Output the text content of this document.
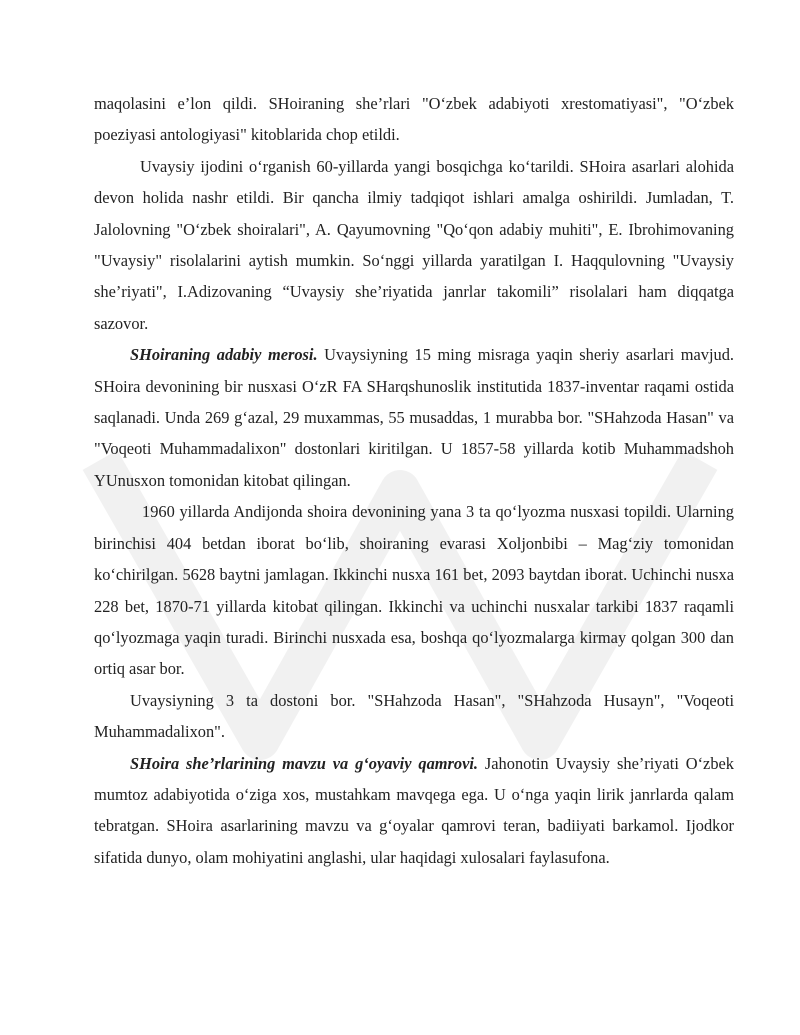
maqolasini e’lon qildi. SHoiraning she’rlari "O‘zbek adabiyoti xrestomatiyasi", "O‘zbek poeziyasi antologiyasi" kitoblarida chop etildi.

Uvaysiy ijodini o‘rganish 60-yillarda yangi bosqichga ko‘tarildi. SHoira asarlari alohida devon holida nashr etildi. Bir qancha ilmiy tadqiqot ishlari amalga oshirildi. Jumladan, T. Jalolovning "O‘zbek shoiralari", A. Qayumovning "Qo‘qon adabiy muhiti", E. Ibrohimovaning "Uvaysiy" risolalarini aytish mumkin. So‘nggi yillarda yaratilgan I. Haqqulovning "Uvaysiy she’riyati", I.Adizovaning “Uvaysiy she’riyatida janrlar takomili” risolalari ham diqqatga sazovor.

SHoiraning adabiy merosi. Uvaysiyning 15 ming misraga yaqin sheriy asarlari mavjud. SHoira devonining bir nusxasi O‘zR FA SHarqshunoslik institutida 1837-inventar raqami ostida saqlanadi. Unda 269 g‘azal, 29 muxammas, 55 musaddas, 1 murabba bor. "SHahzoda Hasan" va "Voqeoti Muhammadalixon" dostonlari kiritilgan. U 1857-58 yillarda kotib Muhammadshoh YUnusxon tomonidan kitobat qilingan.

1960 yillarda Andijonda shoira devonining yana 3 ta qo‘lyozma nusxasi topildi. Ularning birinchisi 404 betdan iborat bo‘lib, shoiraning evarasi Xoljonbibi – Mag‘ziy tomonidan ko‘chirilgan. 5628 baytni jamlagan. Ikkinchi nusxa 161 bet, 2093 baytdan iborat. Uchinchi nusxa 228 bet, 1870-71 yillarda kitobat qilingan. Ikkinchi va uchinchi nusxalar tarkibi 1837 raqamli qo‘lyozmaga yaqin turadi. Birinchi nusxada esa, boshqa qo‘lyozmalarga kirmay qolgan 300 dan ortiq asar bor.

Uvaysiyning 3 ta dostoni bor. "SHahzoda Hasan", "SHahzoda Husayn", "Voqeoti Muhammadalixon".

SHoira she’rlarining mavzu va g‘oyaviy qamrovi. Jahonotin Uvaysiy she’riyati O‘zbek mumtoz adabiyotida o‘ziga xos, mustahkam mavqega ega. U o‘nga yaqin lirik janrlarda qalam tebratgan. SHoira asarlarining mavzu va g‘oyalar qamrovi teran, badiiyati barkamol. Ijodkor sifatida dunyo, olam mohiyatini anglashi, ular haqidagi xulosalari faylasufona.
